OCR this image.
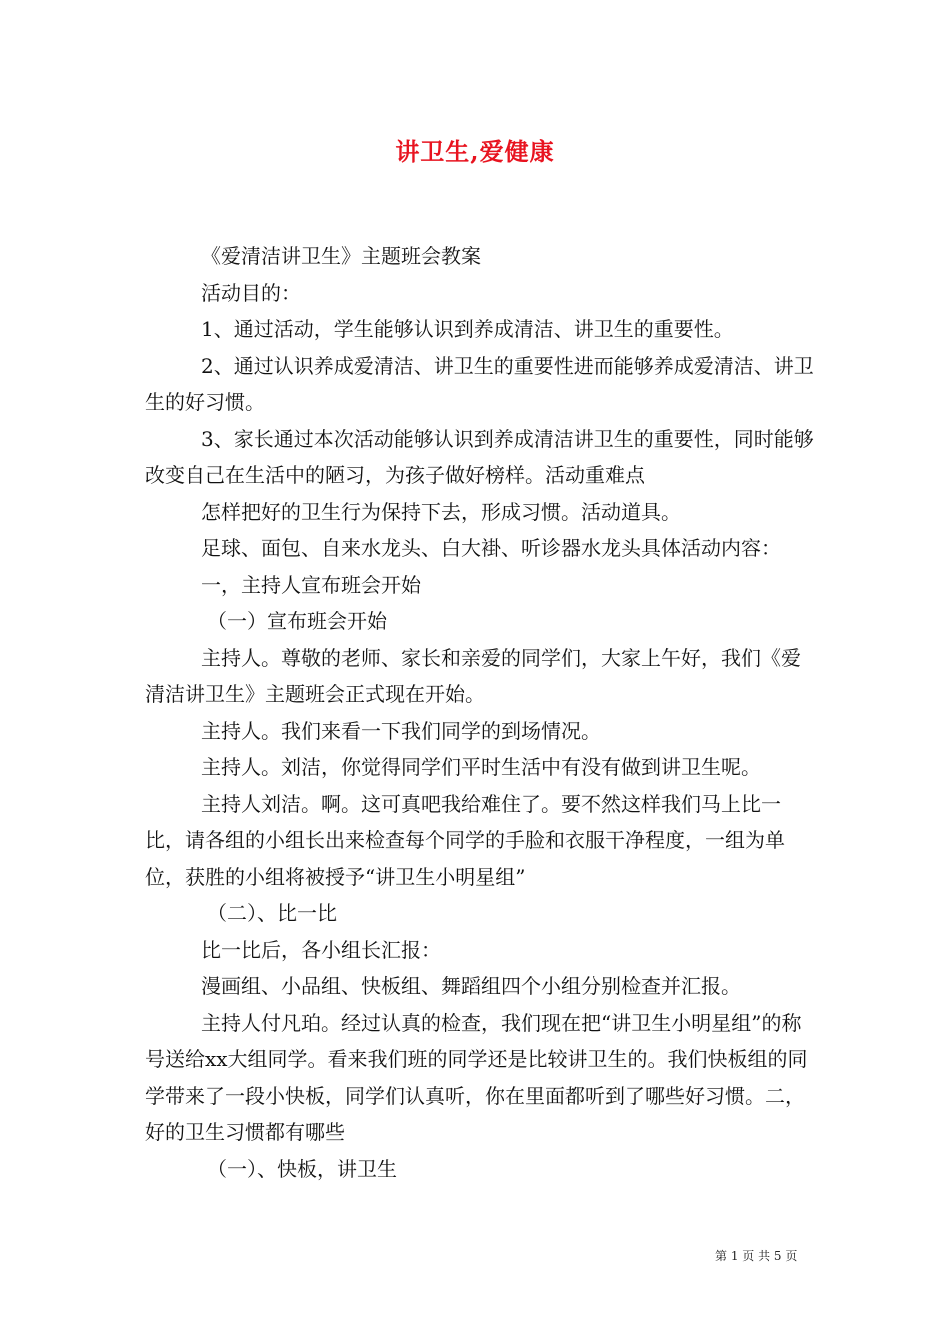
讲卫生,爱健康

《爱清洁讲卫生》主题班会教案

活动目的：

1、通过活动，学生能够认识到养成清洁、讲卫生的重要性。

2、通过认识养成爱清洁、讲卫生的重要性进而能够养成爱清洁、讲卫生的好习惯。

3、家长通过本次活动能够认识到养成清洁讲卫生的重要性，同时能够改变自己在生活中的陋习，为孩子做好榜样。活动重难点

怎样把好的卫生行为保持下去，形成习惯。活动道具。

足球、面包、自来水龙头、白大褂、听诊器水龙头具体活动内容：

一，主持人宣布班会开始

（一）宣布班会开始

主持人。尊敬的老师、家长和亲爱的同学们，大家上午好，我们《爱清洁讲卫生》主题班会正式现在开始。

主持人。我们来看一下我们同学的到场情况。

主持人。刘洁，你觉得同学们平时生活中有没有做到讲卫生呢。

主持人刘洁。啊。这可真吧我给难住了。要不然这样我们马上比一比，请各组的小组长出来检查每个同学的手脸和衣服干净程度，一组为单位，获胜的小组将被授予“讲卫生小明星组”

（二）、比一比

比一比后，各小组长汇报：

漫画组、小品组、快板组、舞蹈组四个小组分别检查并汇报。

主持人付凡珀。经过认真的检查，我们现在把“讲卫生小明星组”的称号送给xx大组同学。看来我们班的同学还是比较讲卫生的。我们快板组的同学带来了一段小快板，同学们认真听，你在里面都听到了哪些好习惯。二，好的卫生习惯都有哪些

（一）、快板，讲卫生

第 1 页 共 5 页
